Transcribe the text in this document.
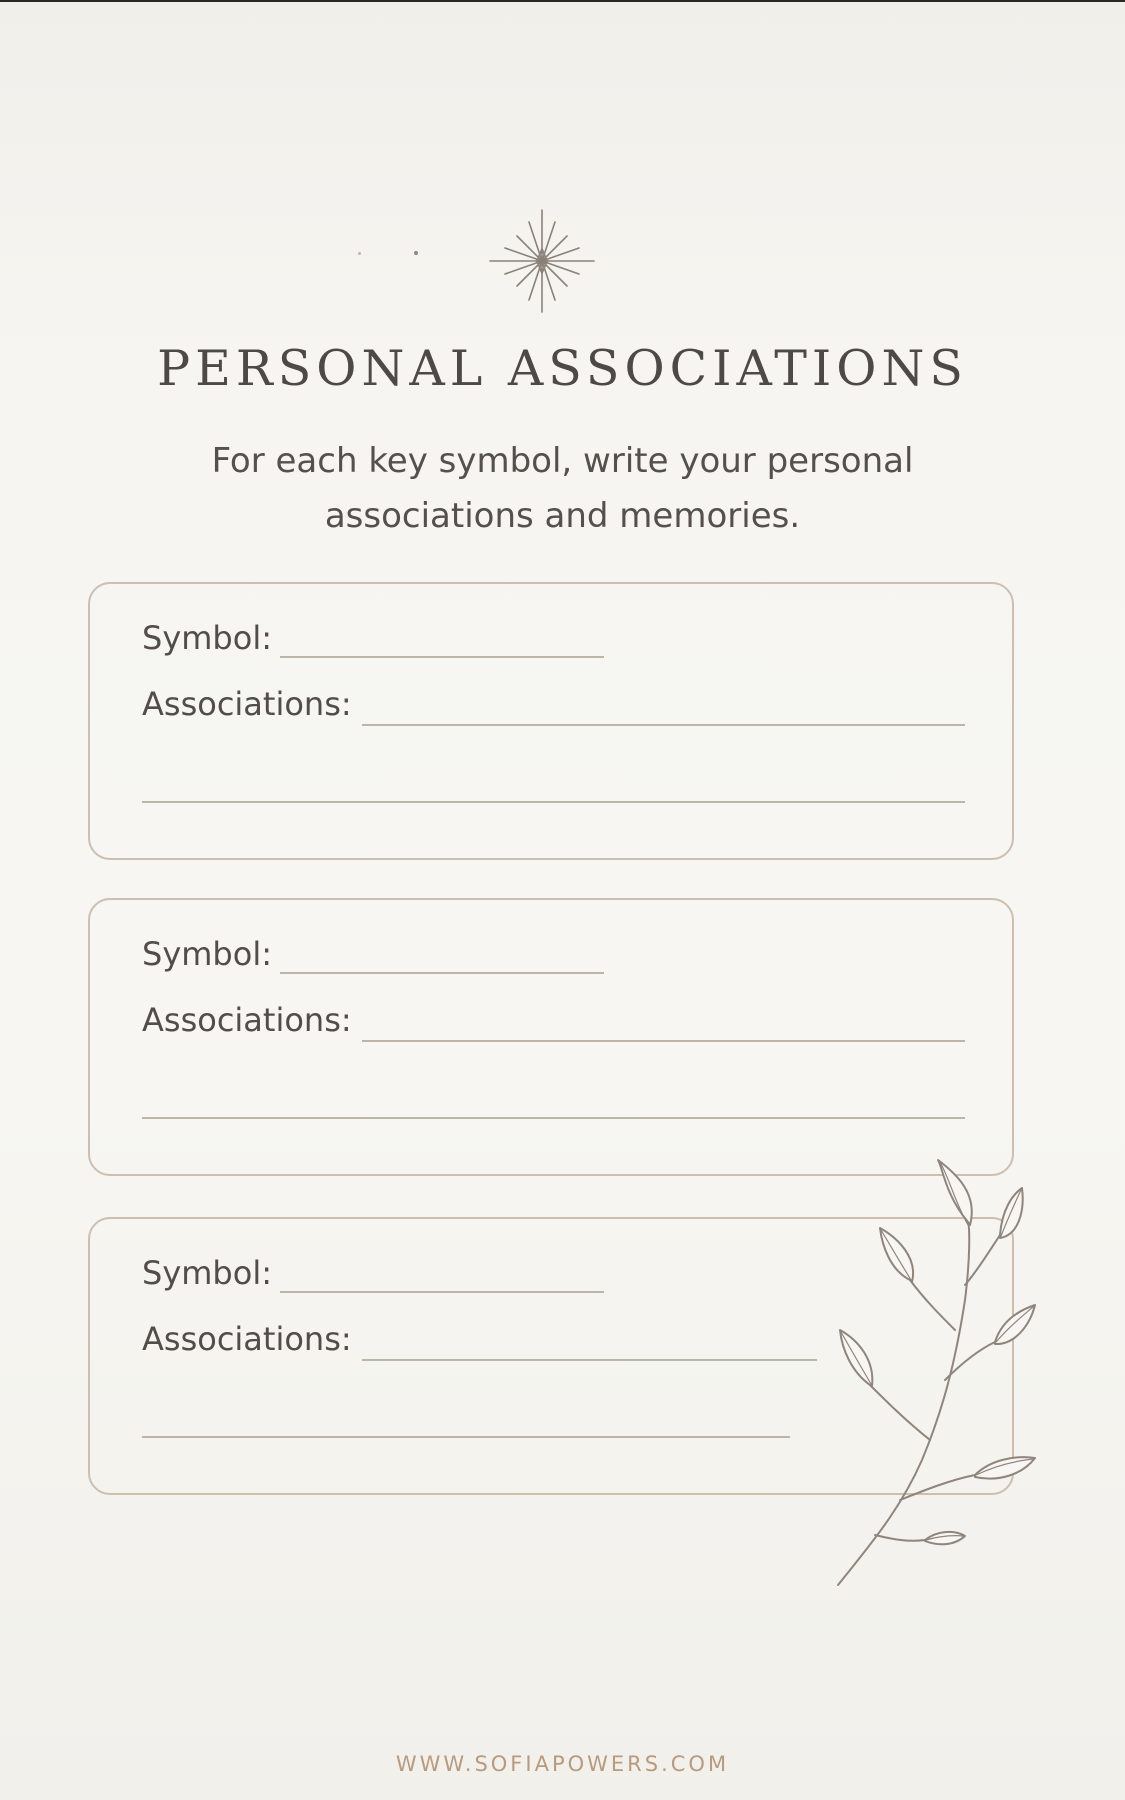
PERSONAL ASSOCIATIONS

For each key symbol, write your personal associations and memories.

Symbol:
Associations:
Symbol:
Associations:
Symbol:
Associations:
WWW.SOFIAPOWERS.COM
